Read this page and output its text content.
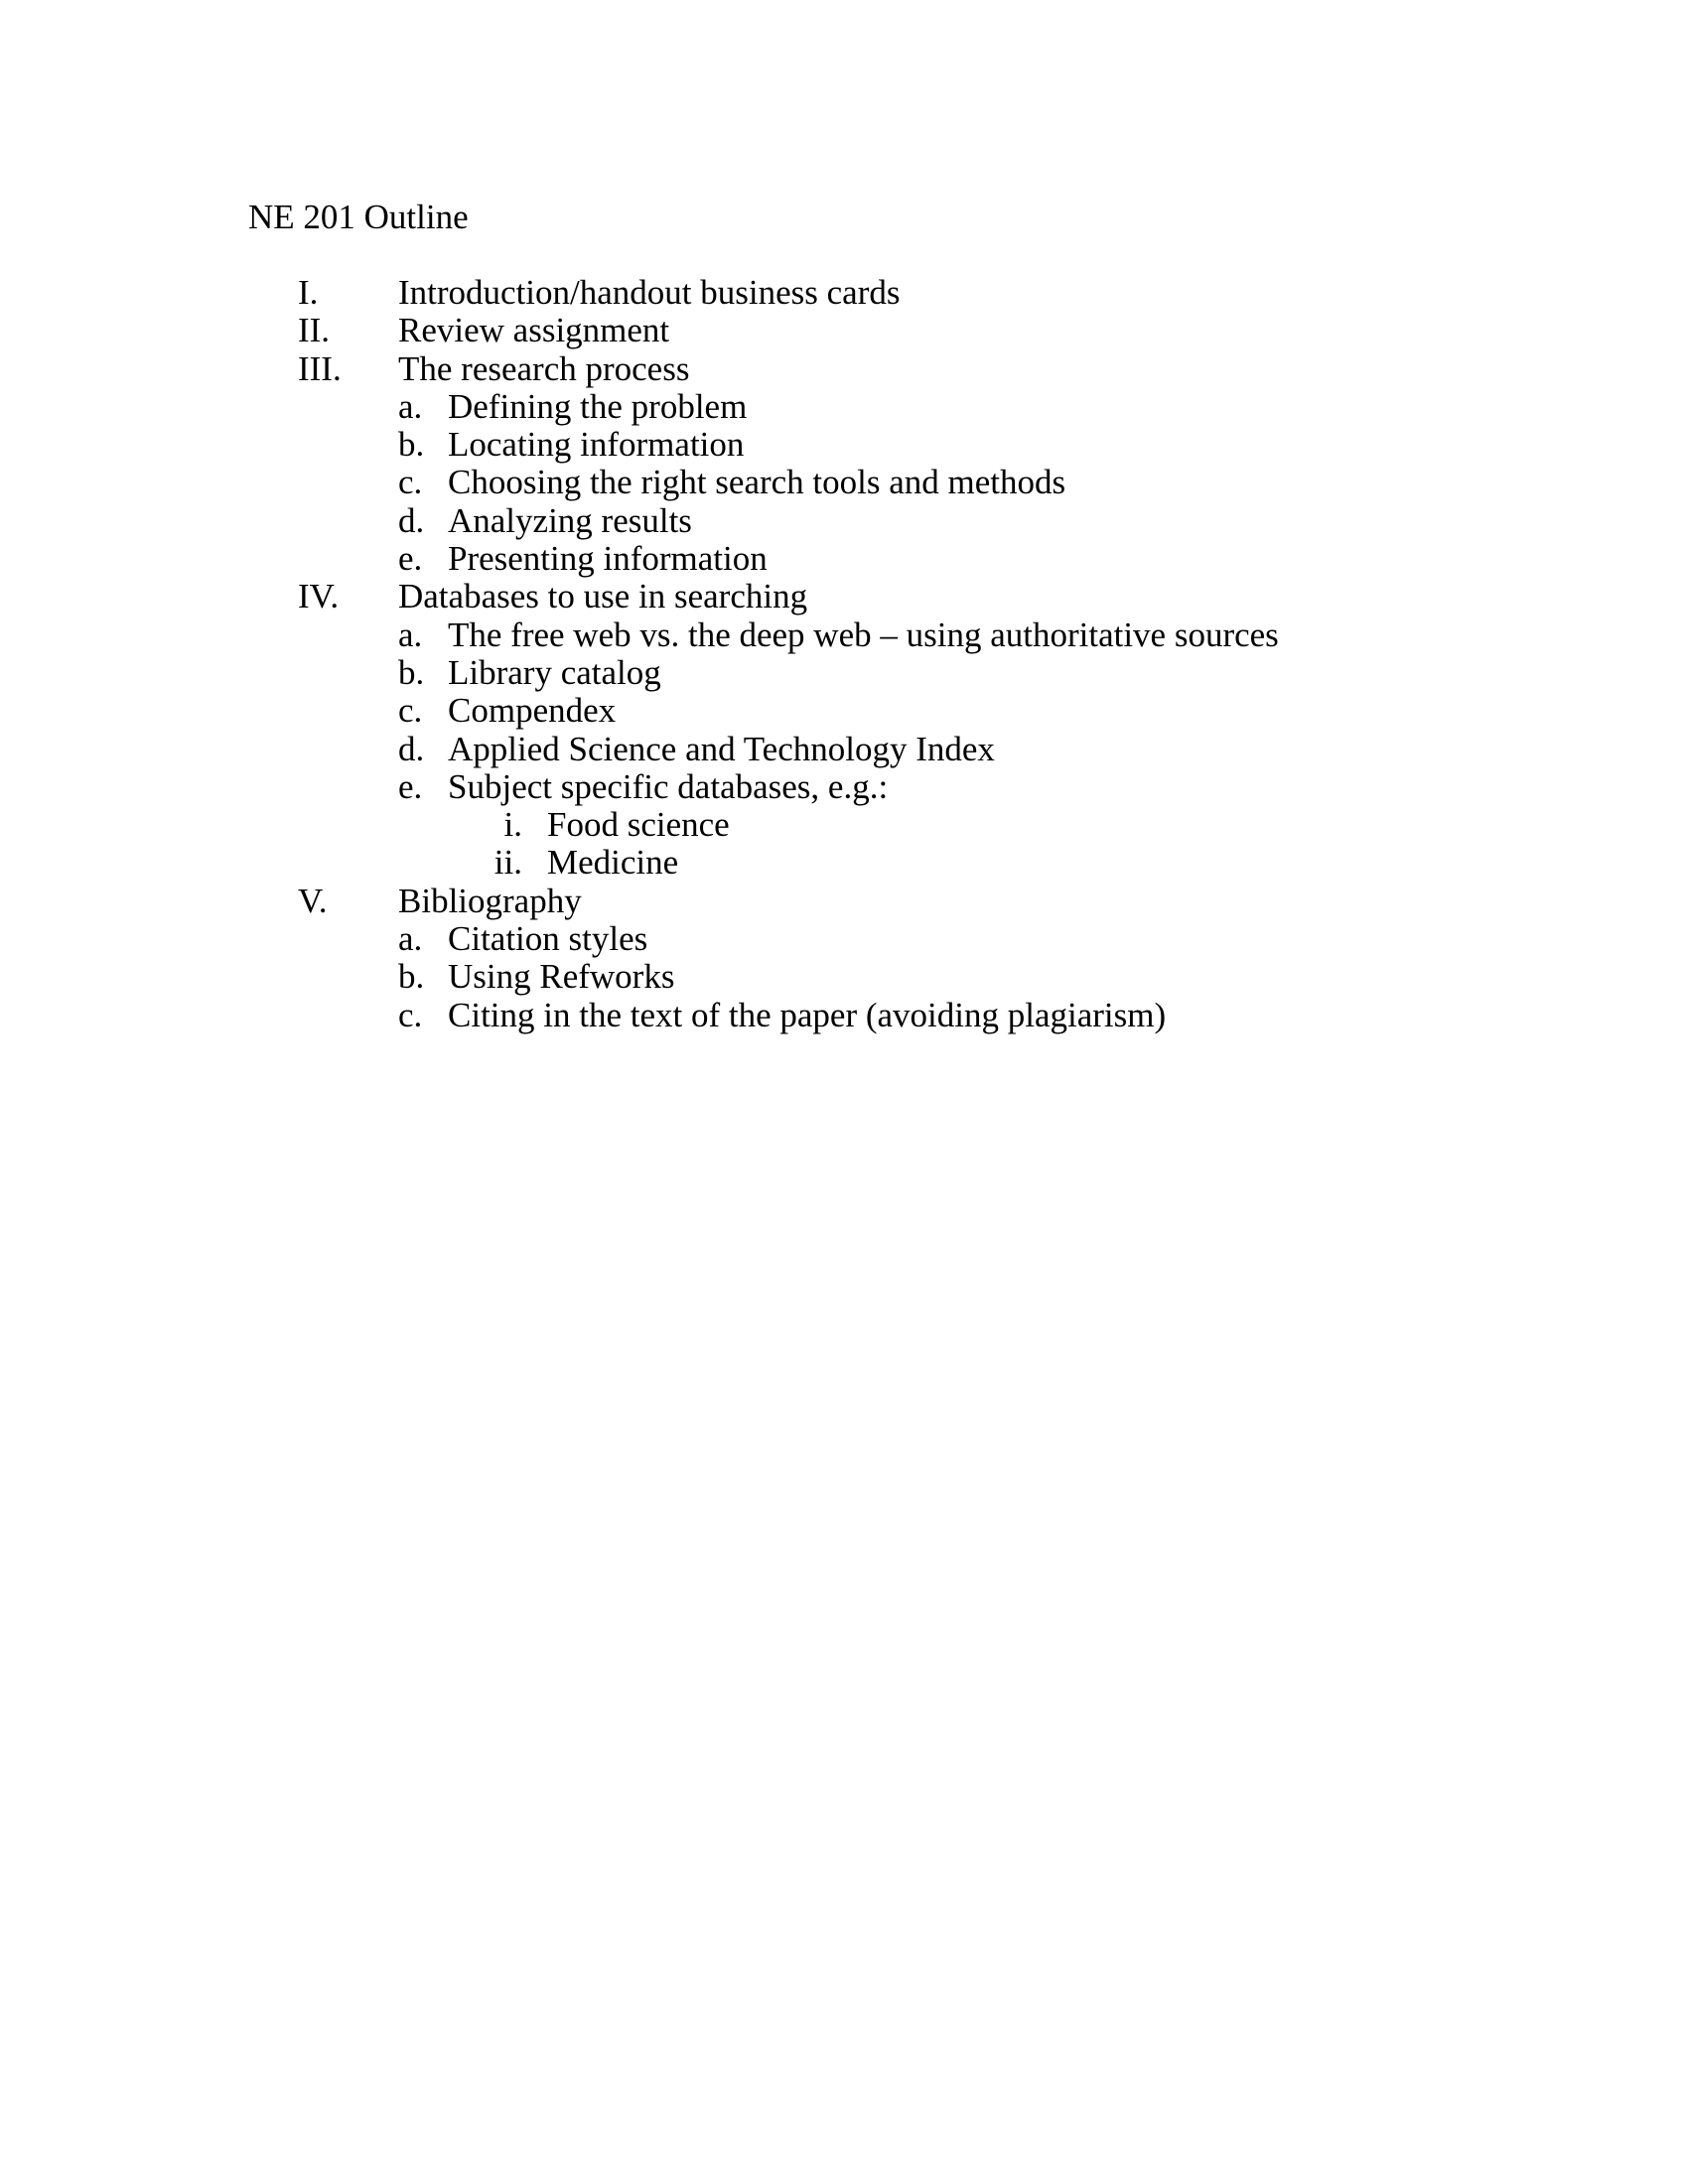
NE 201 Outline
I. Introduction/handout business cards
II. Review assignment
III. The research process
a. Defining the problem
b. Locating information
c. Choosing the right search tools and methods
d. Analyzing results
e. Presenting information
IV. Databases to use in searching
a. The free web vs. the deep web – using authoritative sources
b. Library catalog
c. Compendex
d. Applied Science and Technology Index
e. Subject specific databases, e.g.:
i. Food science
ii. Medicine
V. Bibliography
a. Citation styles
b. Using Refworks
c. Citing in the text of the paper (avoiding plagiarism)
